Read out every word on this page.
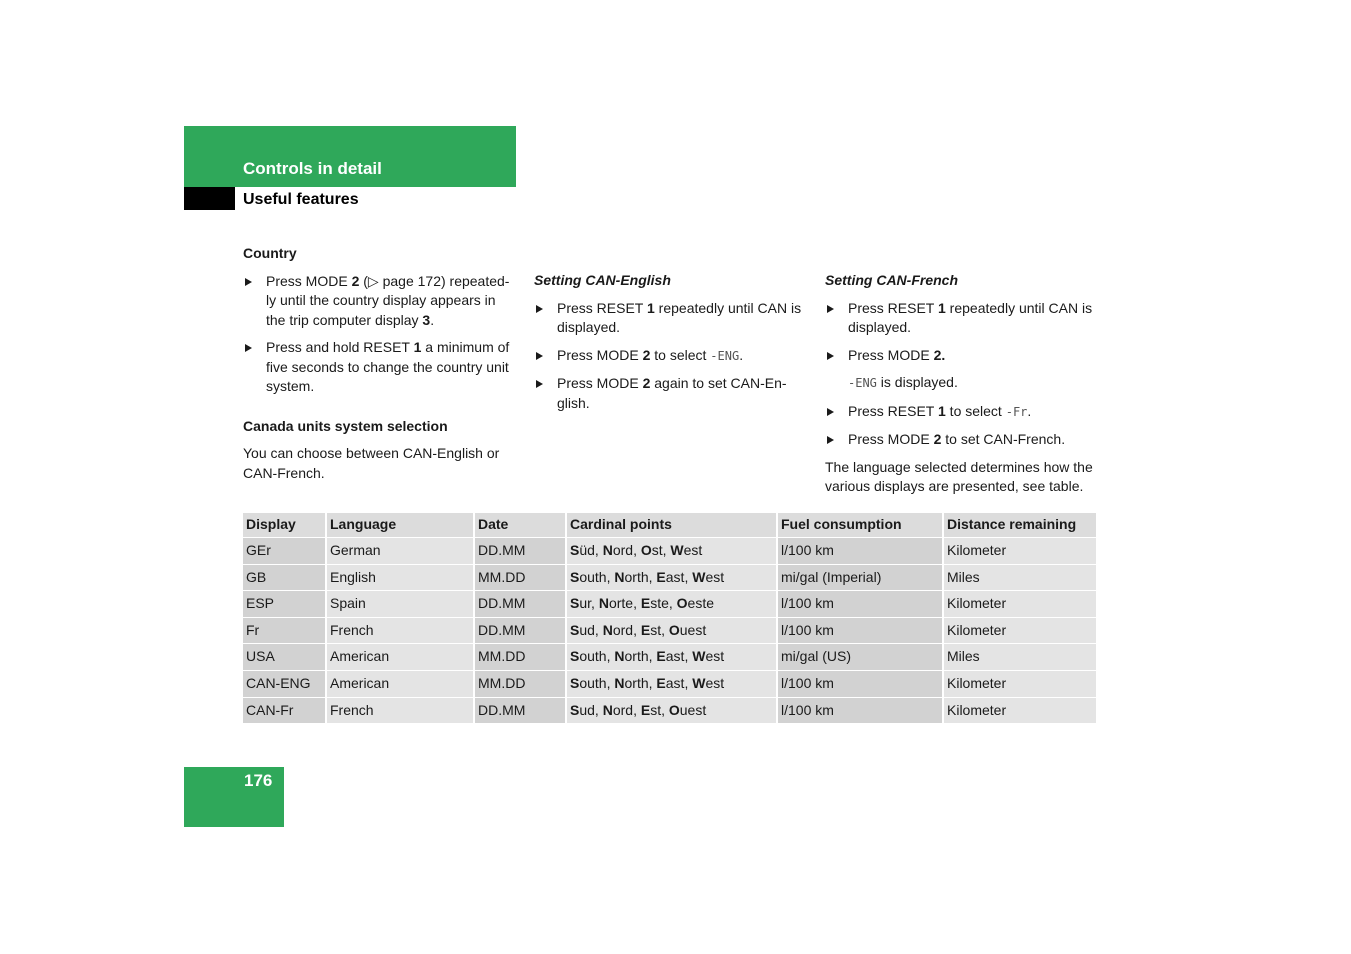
Controls in detail
Useful features
Country
Press MODE 2 (▷ page 172) repeated-ly until the country display appears in the trip computer display 3.
Press and hold RESET 1 a minimum of five seconds to change the country unit system.
Canada units system selection
You can choose between CAN-English or CAN-French.
Setting CAN-English
Press RESET 1 repeatedly until CAN is displayed.
Press MODE 2 to select -ENG.
Press MODE 2 again to set CAN-En-glish.
Setting CAN-French
Press RESET 1 repeatedly until CAN is displayed.
Press MODE 2.
-ENG is displayed.
Press RESET 1 to select -Fr.
Press MODE 2 to set CAN-French.
The language selected determines how the various displays are presented, see table.
Display	Language	Date	Cardinal points	Fuel consumption	Distance remaining
GEr	German	DD.MM	Süd, Nord, Ost, West	l/100 km	Kilometer
GB	English	MM.DD	South, North, East, West	mi/gal (Imperial)	Miles
ESP	Spain	DD.MM	Sur, Norte, Este, Oeste	l/100 km	Kilometer
Fr	French	DD.MM	Sud, Nord, Est, Ouest	l/100 km	Kilometer
USA	American	MM.DD	South, North, East, West	mi/gal (US)	Miles
CAN-ENG	American	MM.DD	South, North, East, West	l/100 km	Kilometer
CAN-Fr	French	DD.MM	Sud, Nord, Est, Ouest	l/100 km	Kilometer
176
